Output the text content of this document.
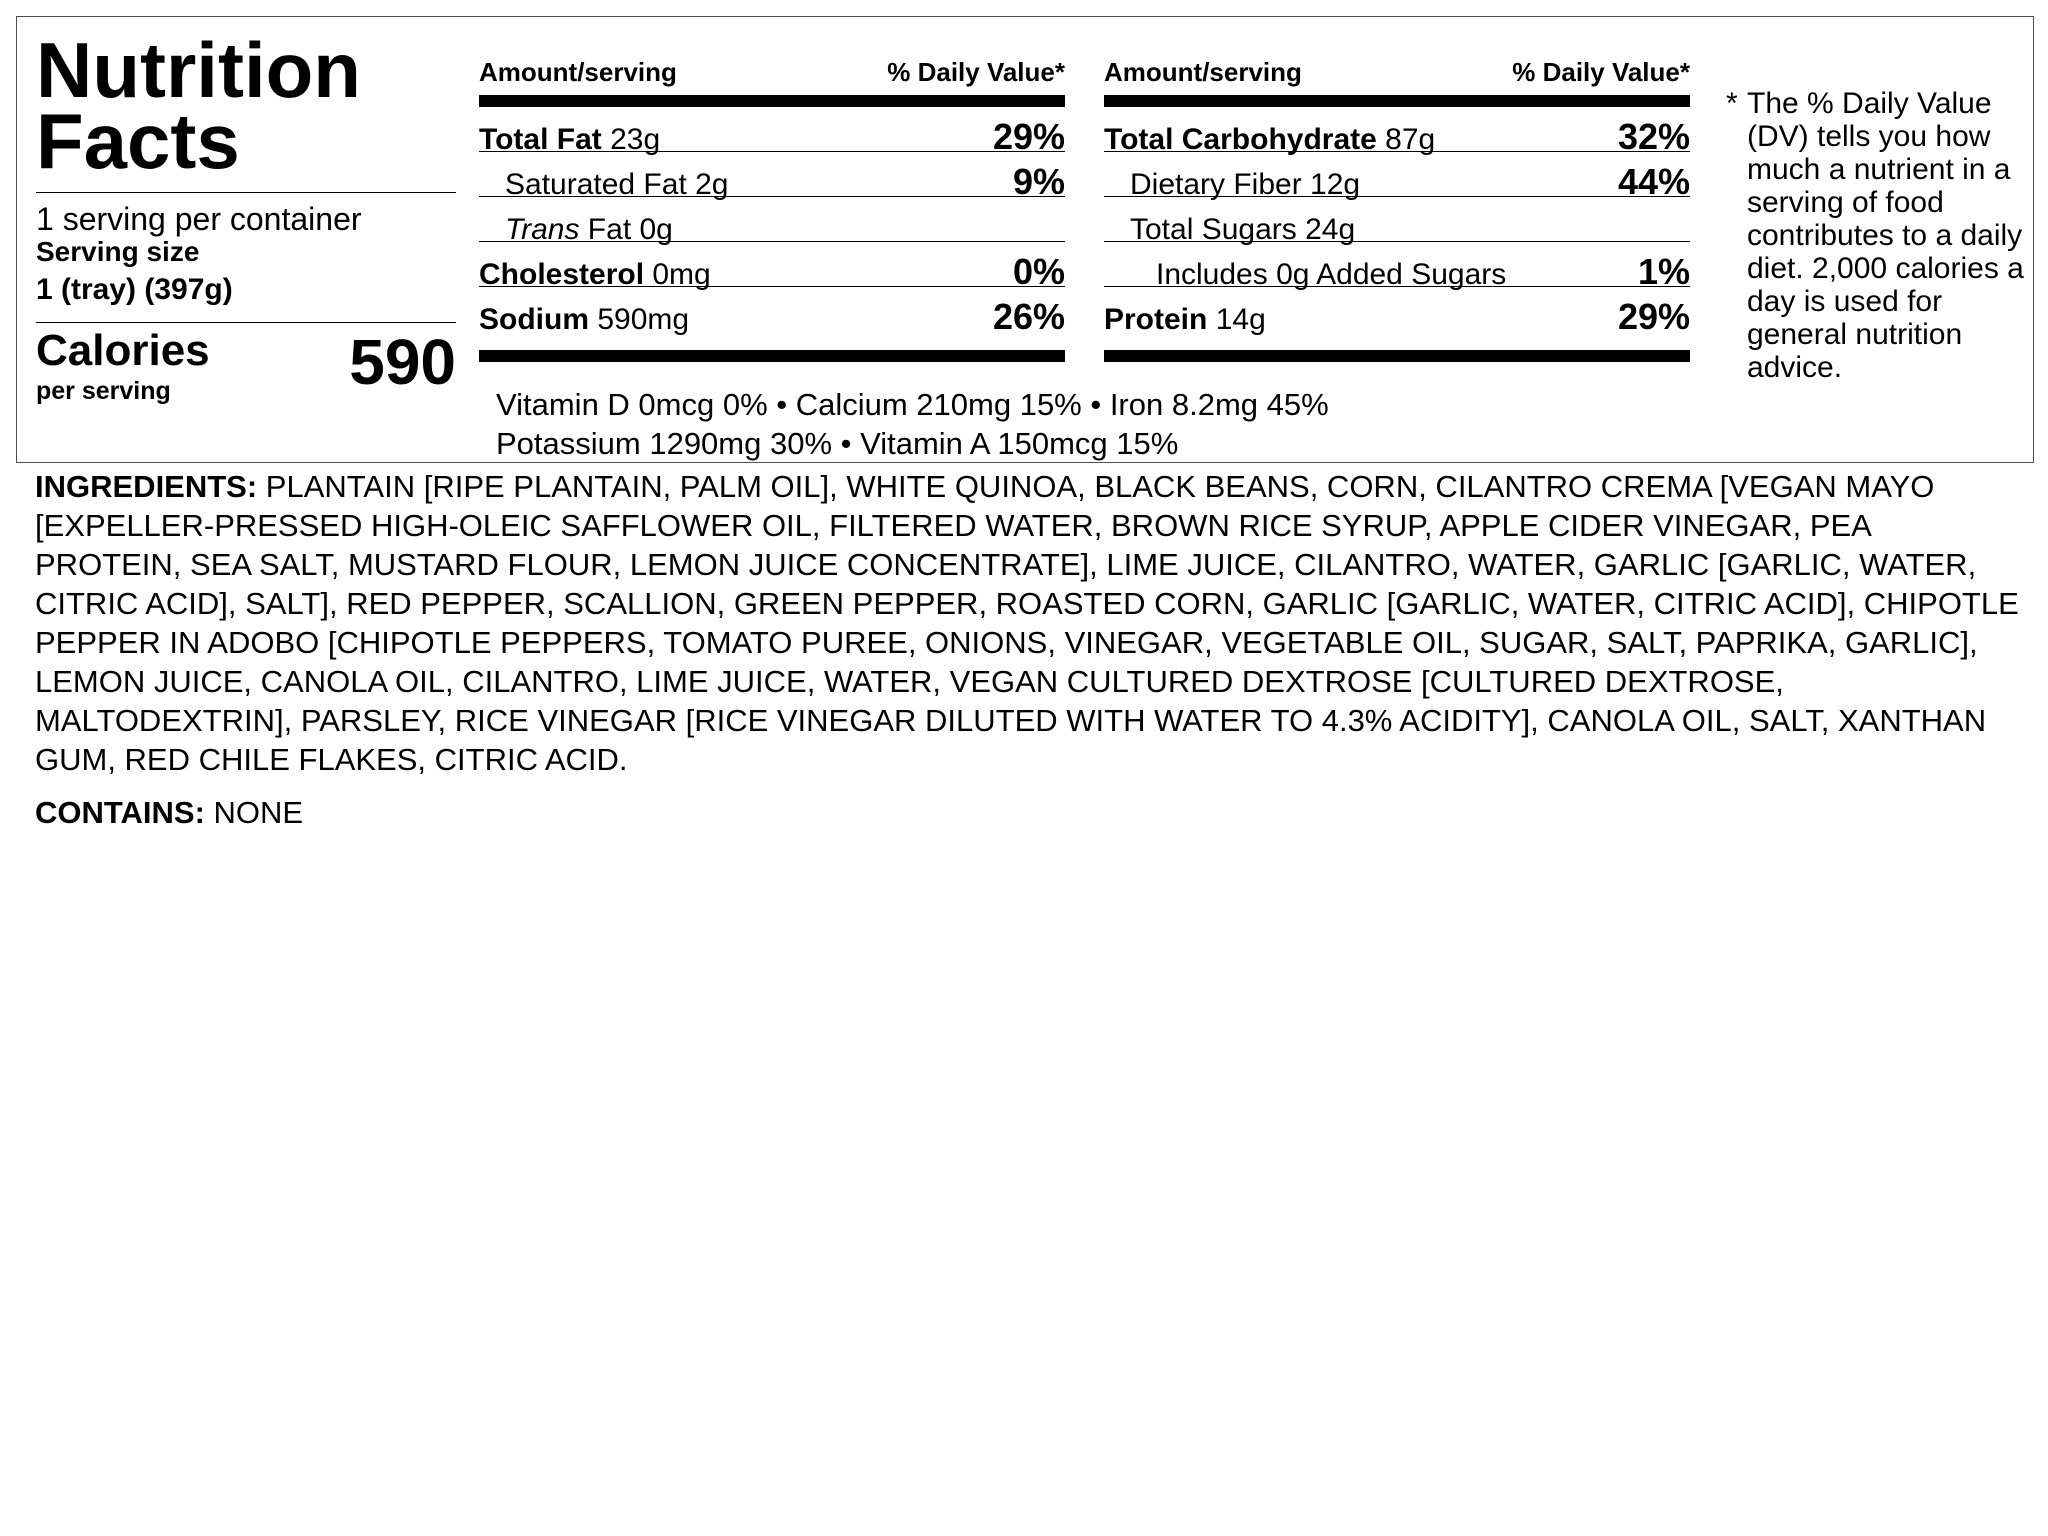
Nutrition
Facts
1 serving per container
Serving size
1 (tray) (397g)
Calories
per serving	590
Amount/serving	% Daily Value*
Total Fat 23g	29%
Saturated Fat 2g	9%
Trans Fat 0g
Cholesterol 0mg	0%
Sodium 590mg	26%
Amount/serving	% Daily Value*
Total Carbohydrate 87g	32%
Dietary Fiber 12g	44%
Total Sugars 24g
Includes 0g Added Sugars	1%
Protein 14g	29%
Vitamin D 0mcg 0% • Calcium 210mg 15% • Iron 8.2mg 45%
Potassium 1290mg 30% • Vitamin A 150mcg 15%
* The % Daily Value (DV) tells you how much a nutrient in a serving of food contributes to a daily diet. 2,000 calories a day is used for general nutrition advice.

INGREDIENTS: PLANTAIN [RIPE PLANTAIN, PALM OIL], WHITE QUINOA, BLACK BEANS, CORN, CILANTRO CREMA [VEGAN MAYO [EXPELLER-PRESSED HIGH-OLEIC SAFFLOWER OIL, FILTERED WATER, BROWN RICE SYRUP, APPLE CIDER VINEGAR, PEA PROTEIN, SEA SALT, MUSTARD FLOUR, LEMON JUICE CONCENTRATE], LIME JUICE, CILANTRO, WATER, GARLIC [GARLIC, WATER, CITRIC ACID], SALT], RED PEPPER, SCALLION, GREEN PEPPER, ROASTED CORN, GARLIC [GARLIC, WATER, CITRIC ACID], CHIPOTLE PEPPER IN ADOBO [CHIPOTLE PEPPERS, TOMATO PUREE, ONIONS, VINEGAR, VEGETABLE OIL, SUGAR, SALT, PAPRIKA, GARLIC], LEMON JUICE, CANOLA OIL, CILANTRO, LIME JUICE, WATER, VEGAN CULTURED DEXTROSE [CULTURED DEXTROSE, MALTODEXTRIN], PARSLEY, RICE VINEGAR [RICE VINEGAR DILUTED WITH WATER TO 4.3% ACIDITY], CANOLA OIL, SALT, XANTHAN GUM, RED CHILE FLAKES, CITRIC ACID.

CONTAINS: NONE
